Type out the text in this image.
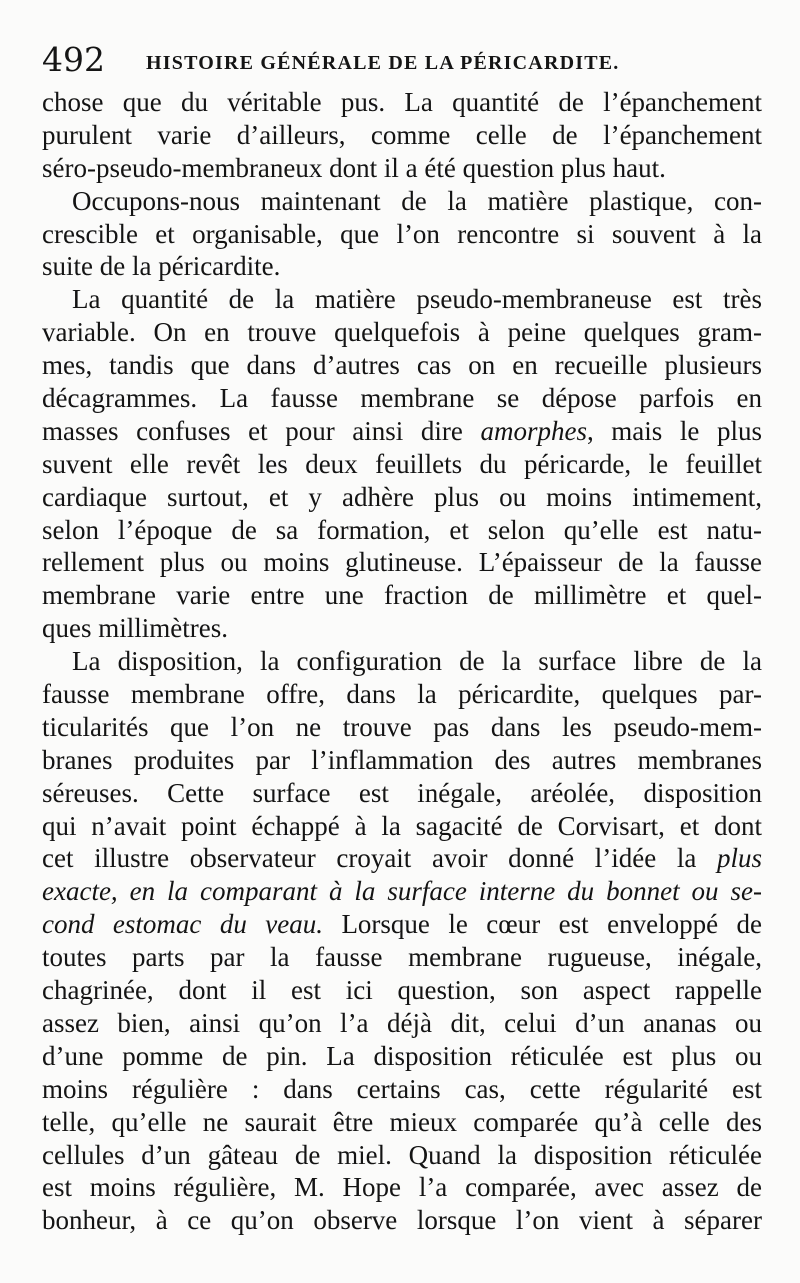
492 HISTOIRE GÉNÉRALE DE LA PÉRICARDITE.
chose que du véritable pus. La quantité de l’épanchement
purulent varie d’ailleurs, comme celle de l’épanchement
séro-pseudo-membraneux dont il a été question plus haut.
Occupons-nous maintenant de la matière plastique, con-
crescible et organisable, que l’on rencontre si souvent à la
suite de la péricardite.
La quantité de la matière pseudo-membraneuse est très
variable. On en trouve quelquefois à peine quelques gram-
mes, tandis que dans d’autres cas on en recueille plusieurs
décagrammes. La fausse membrane se dépose parfois en
masses confuses et pour ainsi dire amorphes, mais le plus
suvent elle revêt les deux feuillets du péricarde, le feuillet
cardiaque surtout, et y adhère plus ou moins intimement,
selon l’époque de sa formation, et selon qu’elle est natu-
rellement plus ou moins glutineuse. L’épaisseur de la fausse
membrane varie entre une fraction de millimètre et quel-
ques millimètres.
La disposition, la configuration de la surface libre de la
fausse membrane offre, dans la péricardite, quelques par-
ticularités que l’on ne trouve pas dans les pseudo-mem-
branes produites par l’inflammation des autres membranes
séreuses. Cette surface est inégale, aréolée, disposition
qui n’avait point échappé à la sagacité de Corvisart, et dont
cet illustre observateur croyait avoir donné l’idée la plus
exacte, en la comparant à la surface interne du bonnet ou se-
cond estomac du veau. Lorsque le cœur est enveloppé de
toutes parts par la fausse membrane rugueuse, inégale,
chagrinée, dont il est ici question, son aspect rappelle
assez bien, ainsi qu’on l’a déjà dit, celui d’un ananas ou
d’une pomme de pin. La disposition réticulée est plus ou
moins régulière : dans certains cas, cette régularité est
telle, qu’elle ne saurait être mieux comparée qu’à celle des
cellules d’un gâteau de miel. Quand la disposition réticulée
est moins régulière, M. Hope l’a comparée, avec assez de
bonheur, à ce qu’on observe lorsque l’on vient à séparer
